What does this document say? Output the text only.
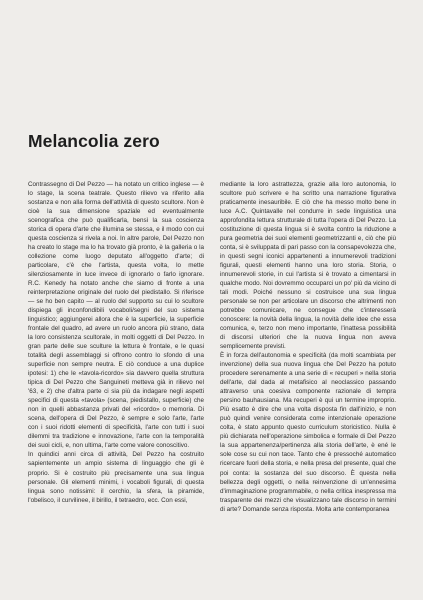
Melancolia zero

Contrassegno di Del Pezzo — ha notato un critico inglese — è lo stage, la scena teatrale. Questo rilievo va riferito alla sostanza e non alla forma dell'attività di questo scultore. Non è cioè la sua dimensione spaziale ed eventualmente scenografica che può qualificarla, bensì la sua coscienza storica di opera d'arte che illumina se stessa, e il modo con cui questa coscienza si rivela a noi. In altre parole, Del Pezzo non ha creato lo stage ma lo ha trovato già pronto, è la galleria o la collezione come luogo deputato all'oggetto d'arte; di particolare, c'è che l'artista, questa volta, lo mette silenziosamente in luce invece di ignorarlo o farlo ignorare. R.C. Kenedy ha notato anche che siamo di fronte a una reinterpretazione originale del ruolo del piedistallo. Si riferisce — se ho ben capito — al ruolo del supporto su cui lo scultore dispiega gli inconfondibili vocaboli/segni del suo sistema linguistico; aggiungerei allora che è la superficie, la superficie frontale del quadro, ad avere un ruolo ancora più strano, data la loro consistenza scultorale, in molti oggetti di Del Pezzo. In gran parte delle sue sculture la lettura è frontale, e le quasi totalità degli assemblaggi si offrono contro lo sfondo di una superficie non sempre neutra. E ciò conduce a una duplice ipotesi: 1) che le «tavola-ricordo» sia davvero quella struttura tipica di Del Pezzo che Sanguineti metteva già in rilievo nel '63, e 2) che d'altra parte ci sia più da indagare negli aspetti specifici di questa «tavola» (scena, piedistallo, superficie) che non in quelli abbastanza privati del «ricordo» o memoria. Di scena, dell'opera di Del Pezzo, è sempre e solo l'arte, l'arte con i suoi ridotti elementi di specificità, l'arte con tutti i suoi dilemmi tra tradizione e innovazione, l'arte con la temporalità dei suoi cicli, e, non ultima, l'arte come valore conoscitivo.

In quindici anni circa di attività, Del Pezzo ha costruito sapientemente un ampio sistema di linguaggio che gli è proprio. Si è costruito più precisamente una sua lingua personale. Gli elementi minimi, i vocaboli figurali, di questa lingua sono notissimi: il cerchio, la sfera, la piramide, l'obelisco, il curvilinee, il birillo, il tetraedro, ecc. Con essi,

mediante la loro astrattezza, grazie alla loro autonomia, lo scultore può scrivere e ha scritto una narrazione figurativa praticamente inesauribile. E ciò che ha messo molto bene in luce A.C. Quintavalle nel condurre in sede linguistica una approfondita lettura strutturale di tutta l'opera di Del Pezzo. La costituzione di questa lingua si è svolta contro la riduzione a pura geometria dei suoi elementi geometrizzanti e, ciò che più conta, si è sviluppata di pari passo con la consapevolezza che, in questi segni iconici appartenenti a innumerevoli tradizioni figurali, questi elementi hanno una loro storia. Storia, o innumerevoli storie, in cui l'artista si è trovato a cimentarsi in qualche modo. Noi dovremmo occuparci un po' più da vicino di tali modi. Poiché nessuno si costruisce una sua lingua personale se non per articolare un discorso che altrimenti non potrebbe comunicare, ne consegue che c'interesserà conoscere: la novità della lingua, la novità delle idee che essa comunica, e, terzo non meno importante, l'inattesa possibilità di discorsi ulteriori che la nuova lingua non aveva semplicemente previsti.

È in forza dell'autonomia e specificità (da molti scambiata per invenzione) della sua nuova lingua che Del Pezzo ha potuto procedere serenamente a una serie di « recuperi » nella storia dell'arte, dal dada al metafisico al neoclassico passando attraverso una coesiva componente razionale di tempra persino bauhausiana. Ma recuperi è qui un termine improprio. Più esatto è dire che una volta disposta fin dall'inizio, e non può quindi venire considerata come intenzionale operazione colta, è stato appunto questo curriculum storicistico. Nulla è più dichiarata nell'operazione simbolica e formale di Del Pezzo la sua appartenenza/pertinenza alla storia dell'arte, è ené le sole cose su cui non tace. Tanto che è pressoché automatico ricercare fuori della storia, e nella presa del presente, qual che poi conta: la sostanza del suo discorso. È questa nella bellezza degli oggetti, o nella reinvenzione di un'ennesima d'immaginazione programmabile, o nella critica inespressa ma trasparente dei mezzi che visualizzano tale discorso in termini di arte? Domande senza risposta. Molta arte contemporanea
